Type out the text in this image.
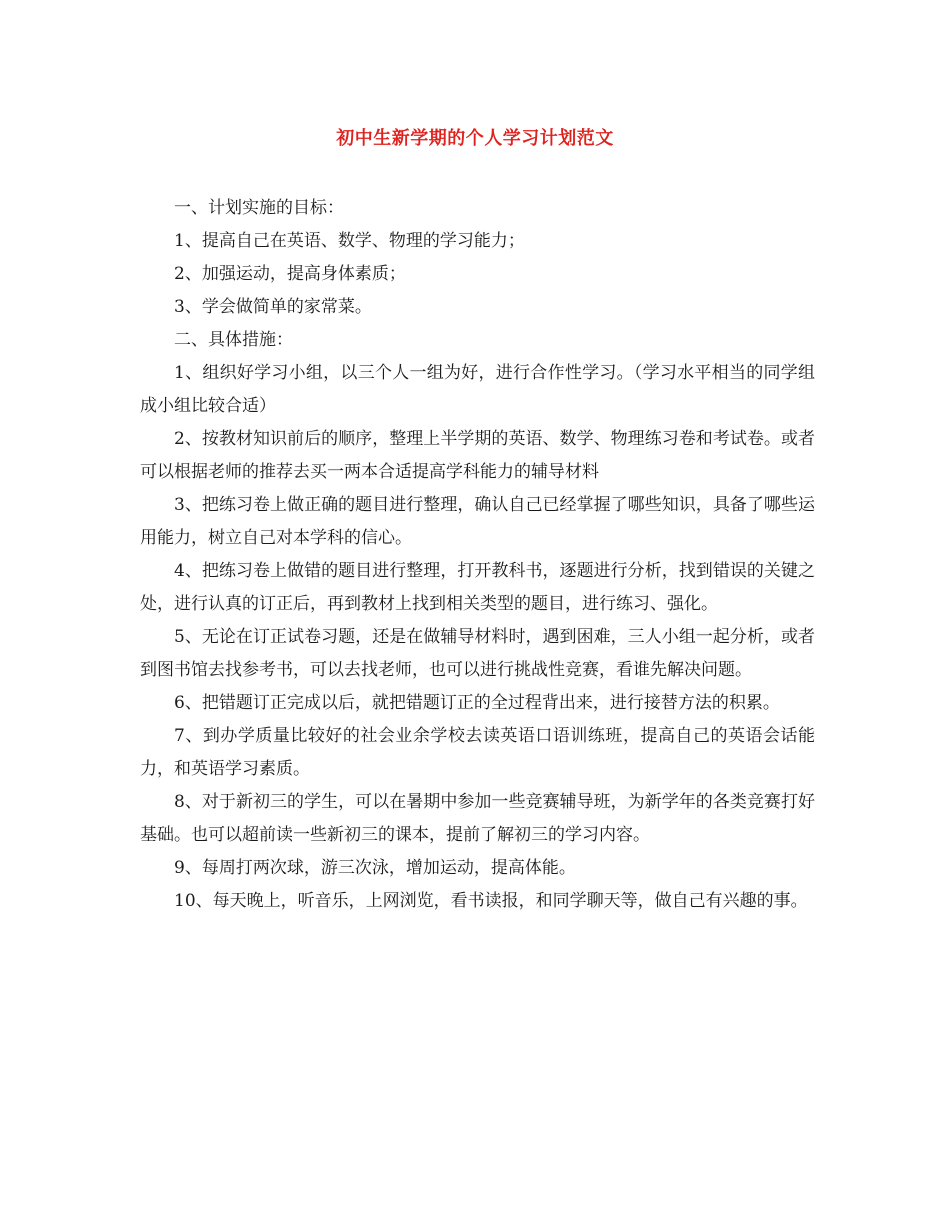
初中生新学期的个人学习计划范文

一、计划实施的目标：

1、提高自己在英语、数学、物理的学习能力；

2、加强运动，提高身体素质；

3、学会做简单的家常菜。

二、具体措施：

1、组织好学习小组，以三个人一组为好，进行合作性学习。（学习水平相当的同学组成小组比较合适）

2、按教材知识前后的顺序，整理上半学期的英语、数学、物理练习卷和考试卷。或者可以根据老师的推荐去买一两本合适提高学科能力的辅导材料

3、把练习卷上做正确的题目进行整理，确认自己已经掌握了哪些知识，具备了哪些运用能力，树立自己对本学科的信心。

4、把练习卷上做错的题目进行整理，打开教科书，逐题进行分析，找到错误的关键之处，进行认真的订正后，再到教材上找到相关类型的题目，进行练习、强化。

5、无论在订正试卷习题，还是在做辅导材料时，遇到困难，三人小组一起分析，或者到图书馆去找参考书，可以去找老师，也可以进行挑战性竞赛，看谁先解决问题。

6、把错题订正完成以后，就把错题订正的全过程背出来，进行接替方法的积累。

7、到办学质量比较好的社会业余学校去读英语口语训练班，提高自己的英语会话能力，和英语学习素质。

8、对于新初三的学生，可以在暑期中参加一些竞赛辅导班，为新学年的各类竞赛打好基础。也可以超前读一些新初三的课本，提前了解初三的学习内容。

9、每周打两次球，游三次泳，增加运动，提高体能。

10、每天晚上，听音乐，上网浏览，看书读报，和同学聊天等，做自己有兴趣的事。
